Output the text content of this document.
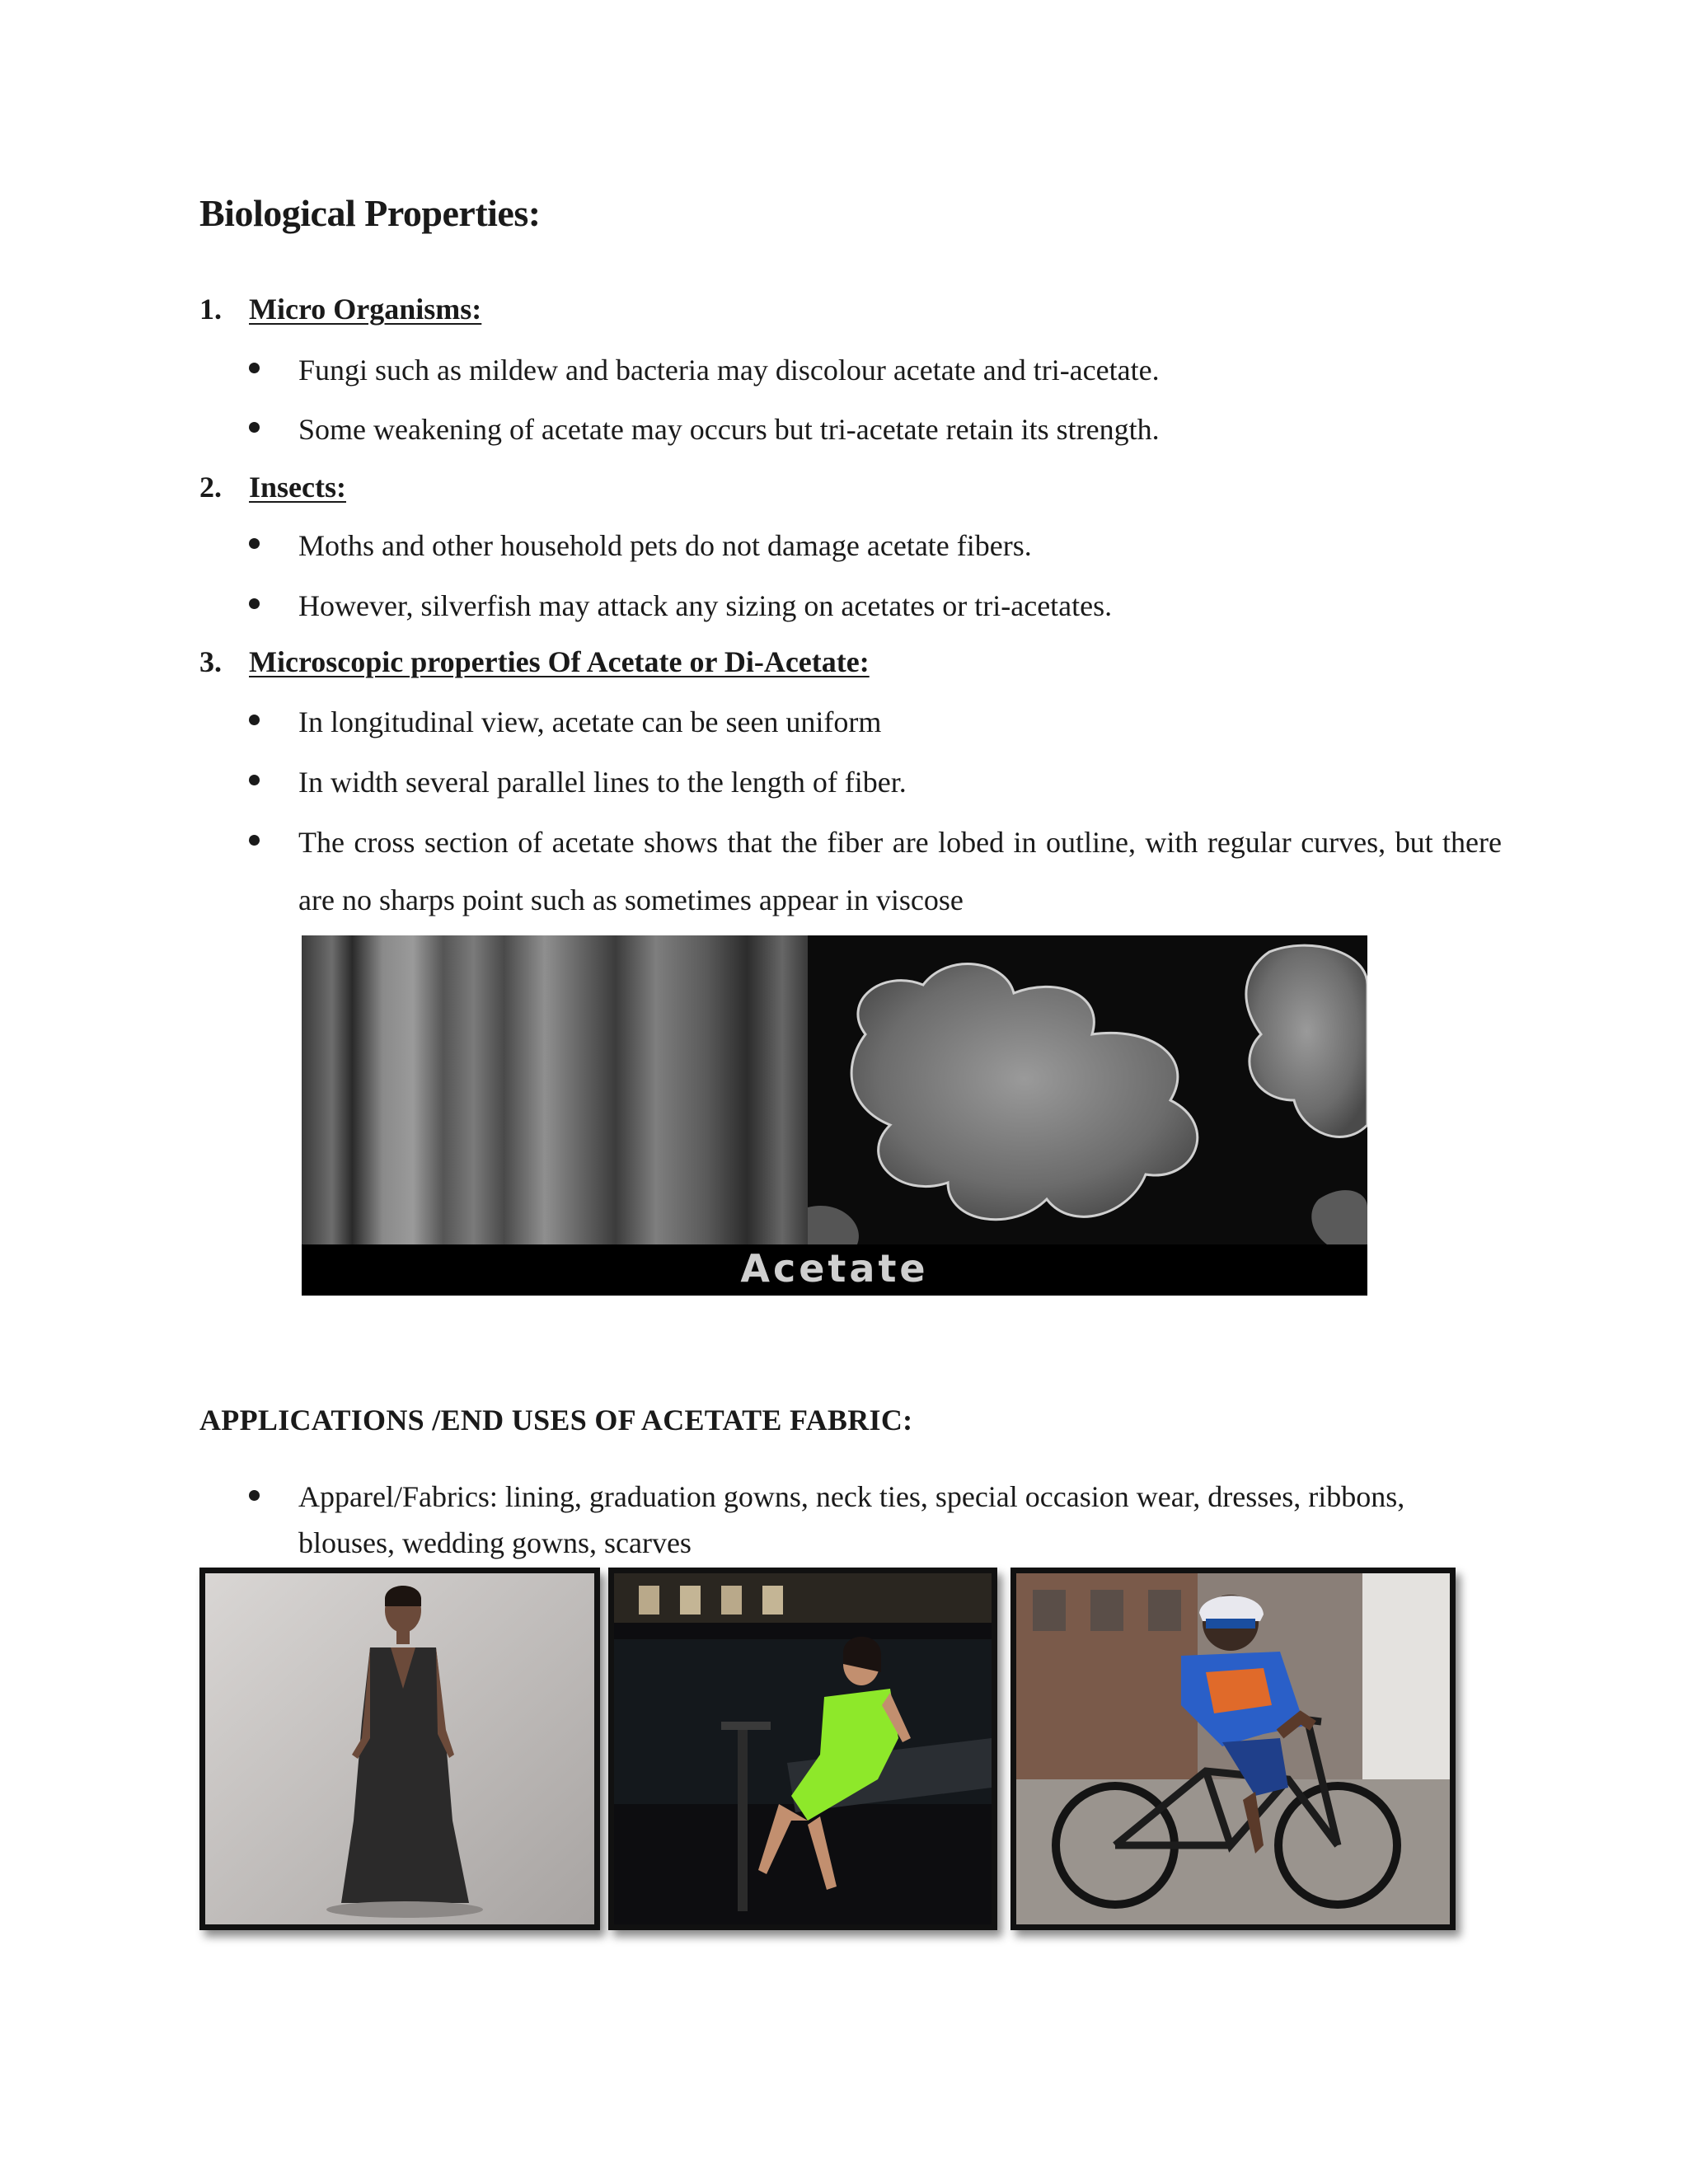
Biological Properties:
1. Micro Organisms:
Fungi such as mildew and bacteria may discolour acetate and tri-acetate.
Some weakening of acetate may occurs but tri-acetate retain its strength.
2. Insects:
Moths and other household pets do not damage acetate fibers.
However, silverfish may attack any sizing on acetates or tri-acetates.
3. Microscopic properties Of Acetate or Di-Acetate:
In longitudinal view, acetate can be seen uniform
In width several parallel lines to the length of fiber.
The cross section of acetate shows that the fiber are lobed in outline, with regular curves, but there are no sharps point such as sometimes appear in viscose
Acetate
APPLICATIONS /END USES OF ACETATE FABRIC:
Apparel/Fabrics: lining, graduation gowns, neck ties, special occasion wear, dresses, ribbons, blouses, wedding gowns, scarves
